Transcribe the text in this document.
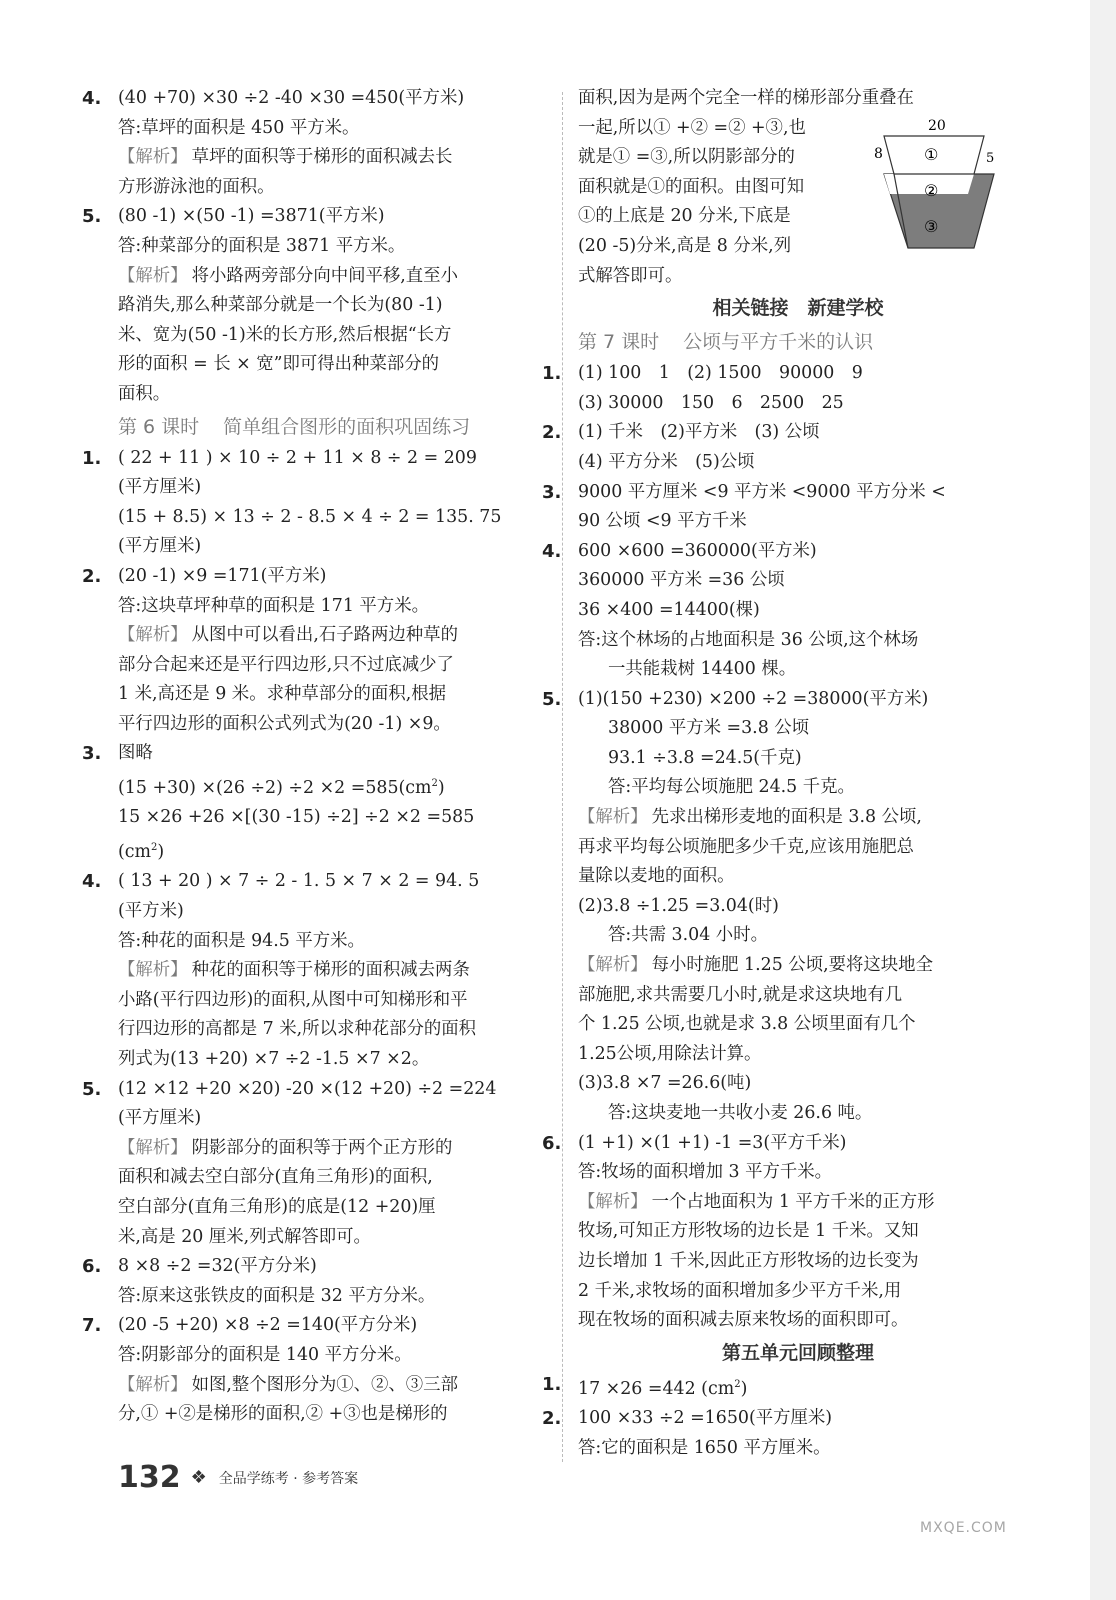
4. (40 +70) ×30 ÷2 -40 ×30 =450(平方米)
答:草坪的面积是 450 平方米。
【解析】 草坪的面积等于梯形的面积减去长
方形游泳池的面积。
5. (80 -1) ×(50 -1) =3871(平方米)
答:种菜部分的面积是 3871 平方米。
【解析】 将小路两旁部分向中间平移,直至小
路消失,那么种菜部分就是一个长为(80 -1)
米、宽为(50 -1)米的长方形,然后根据“长方
形的面积 = 长 × 宽”即可得出种菜部分的
面积。
第 6 课时 简单组合图形的面积巩固练习
1. ( 22 + 11 ) × 10 ÷ 2 + 11 × 8 ÷ 2 = 209
(平方厘米)
(15 + 8.5) × 13 ÷ 2 - 8.5 × 4 ÷ 2 = 135. 75
(平方厘米)
2. (20 -1) ×9 =171(平方米)
答:这块草坪种草的面积是 171 平方米。
【解析】 从图中可以看出,石子路两边种草的
部分合起来还是平行四边形,只不过底减少了
1 米,高还是 9 米。求种草部分的面积,根据
平行四边形的面积公式列式为(20 -1) ×9。
3. 图略
$(15 +30) \times(26 \div 2) \div 2 \times 2 =585(cm^2)$
15 ×26 +26 ×[(30 -15) ÷2] ÷2 ×2 =585
$(cm^2)$
4. ( 13 + 20 ) × 7 ÷ 2 - 1. 5 × 7 × 2 = 94. 5
(平方米)
答:种花的面积是 94.5 平方米。
【解析】 种花的面积等于梯形的面积减去两条
小路(平行四边形)的面积,从图中可知梯形和平
行四边形的高都是 7 米,所以求种花部分的面积
列式为(13 +20) ×7 ÷2 -1.5 ×7 ×2。
5. (12 ×12 +20 ×20) -20 ×(12 +20) ÷2 =224
(平方厘米)
【解析】 阴影部分的面积等于两个正方形的
面积和减去空白部分(直角三角形)的面积,
空白部分(直角三角形)的底是(12 +20)厘
米,高是 20 厘米,列式解答即可。
6. 8 ×8 ÷2 =32(平方分米)
答:原来这张铁皮的面积是 32 平方分米。
7. (20 -5 +20) ×8 ÷2 =140(平方分米)
答:阴影部分的面积是 140 平方分米。
【解析】 如图,整个图形分为①、②、③三部
分,① +②是梯形的面积,② +③也是梯形的
面积,因为是两个完全一样的梯形部分重叠在
一起,所以① +② =② +③,也
就是① =③,所以阴影部分的
面积就是①的面积。由图可知
①的上底是 20 分米,下底是
(20 -5)分米,高是 8 分米,列
式解答即可。
相关链接　新建学校
第 7 课时 公顷与平方千米的认识
1. (1) 100　1　(2) 1500　90000　9
(3) 30000　150　6　2500　25
2. (1) 千米　(2)平方米　(3) 公顷
(4) 平方分米　(5)公顷
3. 9000 平方厘米 <9 平方米 <9000 平方分米 <
90 公顷 <9 平方千米
4. 600 ×600 =360000(平方米)
360000 平方米 =36 公顷
36 ×400 =14400(棵)
答:这个林场的占地面积是 36 公顷,这个林场
一共能栽树 14400 棵。
5. (1)(150 +230) ×200 ÷2 =38000(平方米)
38000 平方米 =3.8 公顷
93.1 ÷3.8 =24.5(千克)
答:平均每公顷施肥 24.5 千克。
【解析】 先求出梯形麦地的面积是 3.8 公顷,
再求平均每公顷施肥多少千克,应该用施肥总
量除以麦地的面积。
(2)3.8 ÷1.25 =3.04(时)
答:共需 3.04 小时。
【解析】 每小时施肥 1.25 公顷,要将这块地全
部施肥,求共需要几小时,就是求这块地有几
个 1.25 公顷,也就是求 3.8 公顷里面有几个
1.25公顷,用除法计算。
(3)3.8 ×7 =26.6(吨)
答:这块麦地一共收小麦 26.6 吨。
6. (1 +1) ×(1 +1) -1 =3(平方千米)
答:牧场的面积增加 3 平方千米。
【解析】 一个占地面积为 1 平方千米的正方形
牧场,可知正方形牧场的边长是 1 千米。又知
边长增加 1 千米,因此正方形牧场的边长变为
2 千米,求牧场的面积增加多少平方千米,用
现在牧场的面积减去原来牧场的面积即可。
第五单元回顾整理
1. 17 ×26 =442 $(cm^2)$
2. 100 ×33 ÷2 =1650(平方厘米)
答:它的面积是 1650 平方厘米。
20
8	5
①
②
③
132 ❖ 全品学练考 · 参考答案
MXQE.COM
